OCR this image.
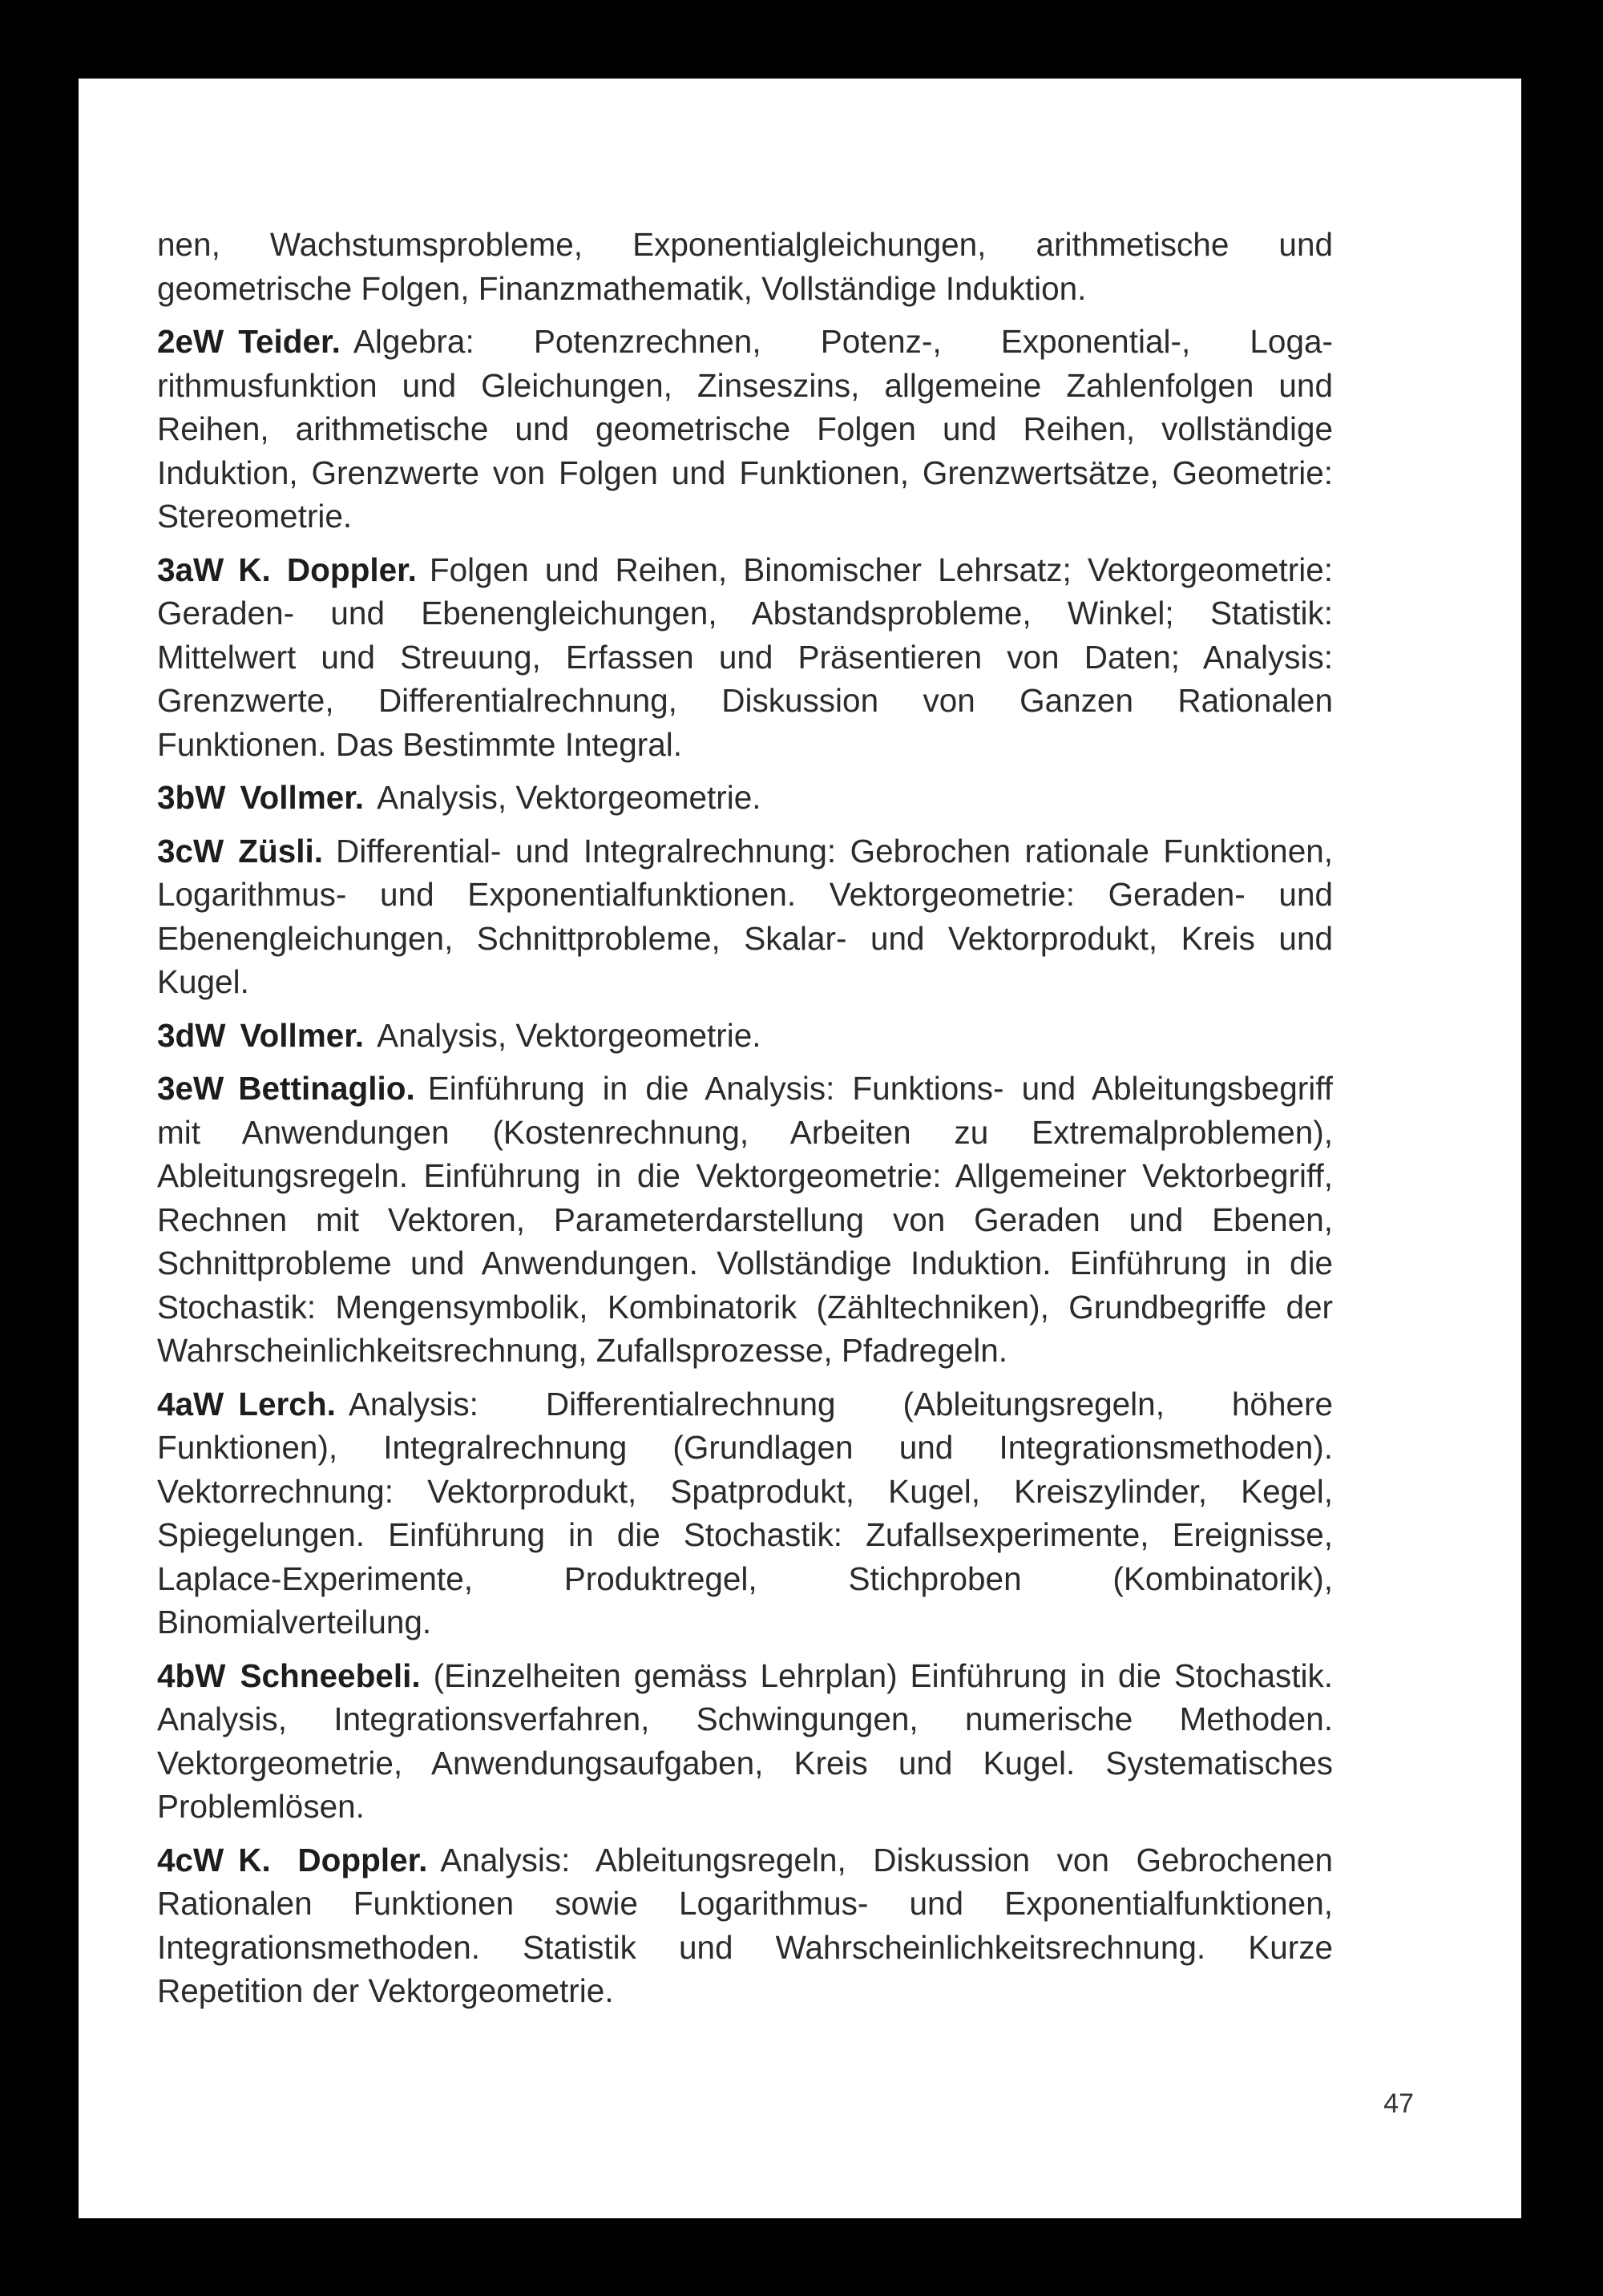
nen, Wachstumsprobleme, Exponentialgleichungen, arithmetische und geometrische Folgen, Finanzmathematik, Vollständige Induktion.

2eW Teider. Algebra: Potenzrechnen, Potenz-, Exponential-, Logarithmusfunktion und Gleichungen, Zinseszins, allgemeine Zahlenfolgen und Reihen, arithmetische und geometrische Folgen und Reihen, vollständige Induktion, Grenzwerte von Folgen und Funktionen, Grenzwertsätze, Geometrie: Stereometrie.

3aW K. Doppler. Folgen und Reihen, Binomischer Lehrsatz; Vektorgeometrie: Geraden- und Ebenengleichungen, Abstandsprobleme, Winkel; Statistik: Mittelwert und Streuung, Erfassen und Präsentieren von Daten; Analysis: Grenzwerte, Differentialrechnung, Diskussion von Ganzen Rationalen Funktionen. Das Bestimmte Integral.

3bW Vollmer. Analysis, Vektorgeometrie.

3cW Züsli. Differential- und Integralrechnung: Gebrochen rationale Funktionen, Logarithmus- und Exponentialfunktionen. Vektorgeometrie: Geraden- und Ebenengleichungen, Schnittprobleme, Skalar- und Vektorprodukt, Kreis und Kugel.

3dW Vollmer. Analysis, Vektorgeometrie.

3eW Bettinaglio. Einführung in die Analysis: Funktions- und Ableitungsbegriff mit Anwendungen (Kostenrechnung, Arbeiten zu Extremalproblemen), Ableitungsregeln. Einführung in die Vektorgeometrie: Allgemeiner Vektorbegriff, Rechnen mit Vektoren, Parameterdarstellung von Geraden und Ebenen, Schnittprobleme und Anwendungen. Vollständige Induktion. Einführung in die Stochastik: Mengensymbolik, Kombinatorik (Zähltechniken), Grundbegriffe der Wahrscheinlichkeitsrechnung, Zufallsprozesse, Pfadregeln.

4aW Lerch. Analysis: Differentialrechnung (Ableitungsregeln, höhere Funktionen), Integralrechnung (Grundlagen und Integrationsmethoden). Vektorrechnung: Vektorprodukt, Spatprodukt, Kugel, Kreiszylinder, Kegel, Spiegelungen. Einführung in die Stochastik: Zufallsexperimente, Ereignisse, Laplace-Experimente, Produktregel, Stichproben (Kombinatorik), Binomialverteilung.

4bW Schneebeli. (Einzelheiten gemäss Lehrplan) Einführung in die Stochastik. Analysis, Integrationsverfahren, Schwingungen, numerische Methoden. Vektorgeometrie, Anwendungsaufgaben, Kreis und Kugel. Systematisches Problemlösen.

4cW K. Doppler. Analysis: Ableitungsregeln, Diskussion von Gebrochenen Rationalen Funktionen sowie Logarithmus- und Exponentialfunktionen, Integrationsmethoden. Statistik und Wahrscheinlichkeitsrechnung. Kurze Repetition der Vektorgeometrie.

47
